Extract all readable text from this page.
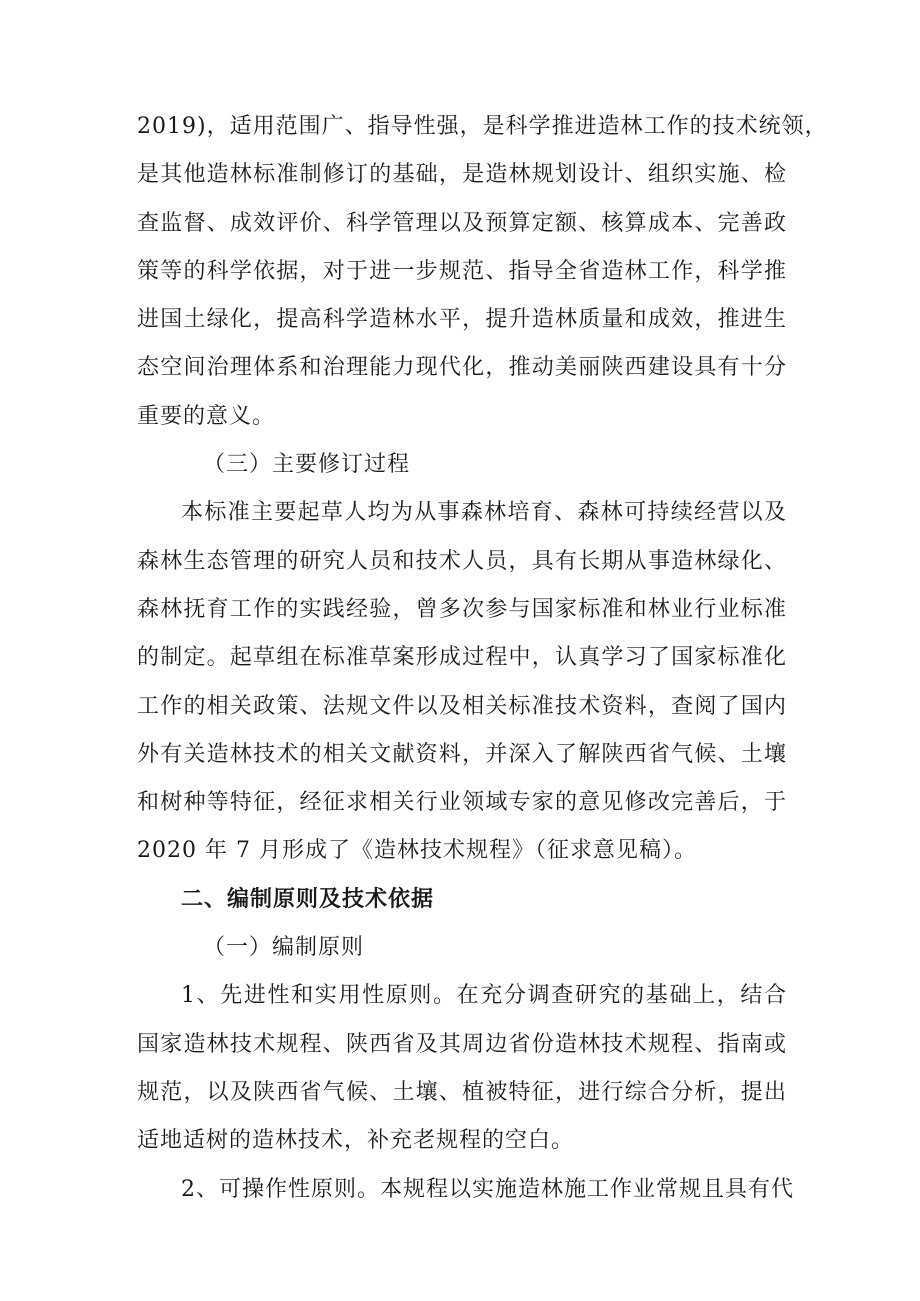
2019)，适用范围广、指导性强，是科学推进造林工作的技术统领，
是其他造林标准制修订的基础，是造林规划设计、组织实施、检
查监督、成效评价、科学管理以及预算定额、核算成本、完善政
策等的科学依据，对于进一步规范、指导全省造林工作，科学推
进国土绿化，提高科学造林水平，提升造林质量和成效，推进生
态空间治理体系和治理能力现代化，推动美丽陕西建设具有十分
重要的意义。
（三）主要修订过程
本标准主要起草人均为从事森林培育、森林可持续经营以及
森林生态管理的研究人员和技术人员，具有长期从事造林绿化、
森林抚育工作的实践经验，曾多次参与国家标准和林业行业标准
的制定。起草组在标准草案形成过程中，认真学习了国家标准化
工作的相关政策、法规文件以及相关标准技术资料，查阅了国内
外有关造林技术的相关文献资料，并深入了解陕西省气候、土壤
和树种等特征，经征求相关行业领域专家的意见修改完善后，于
2020 年 7 月形成了《造林技术规程》（征求意见稿）。
二、编制原则及技术依据
（一）编制原则
1、先进性和实用性原则。在充分调查研究的基础上，结合
国家造林技术规程、陕西省及其周边省份造林技术规程、指南或
规范，以及陕西省气候、土壤、植被特征，进行综合分析，提出
适地适树的造林技术，补充老规程的空白。
2、可操作性原则。本规程以实施造林施工作业常规且具有代
